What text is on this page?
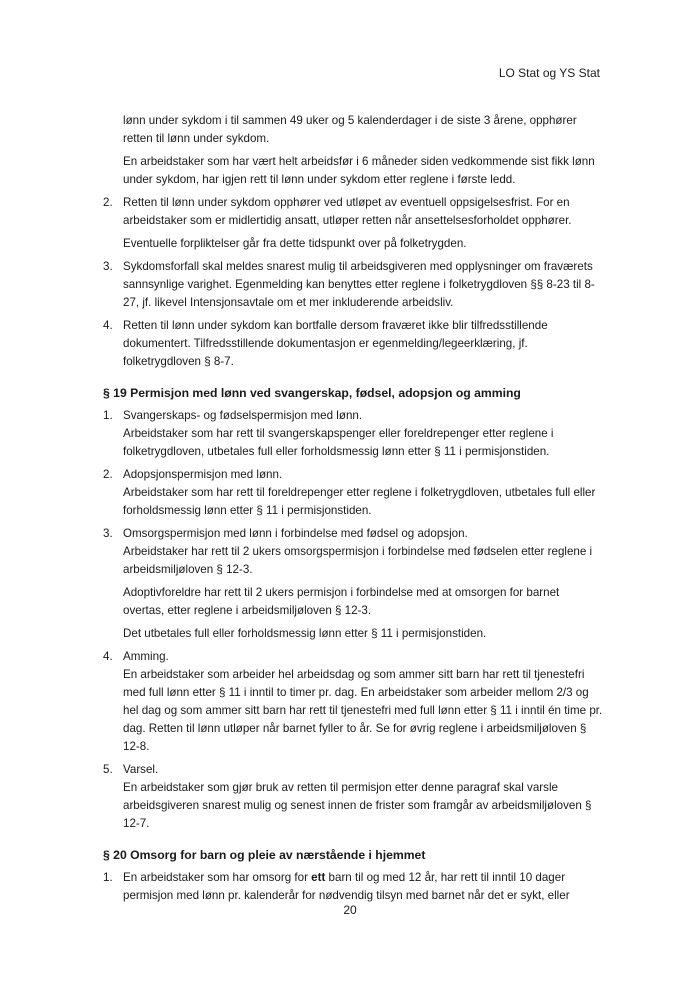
LO Stat og YS Stat

lønn under sykdom i til sammen 49 uker og 5 kalenderdager i de siste 3 årene, opphører retten til lønn under sykdom.

En arbeidstaker som har vært helt arbeidsfør i 6 måneder siden vedkommende sist fikk lønn under sykdom, har igjen rett til lønn under sykdom etter reglene i første ledd.

2. Retten til lønn under sykdom opphører ved utløpet av eventuell oppsigelsesfrist. For en arbeidstaker som er midlertidig ansatt, utløper retten når ansettelsesforholdet opphører.
Eventuelle forpliktelser går fra dette tidspunkt over på folketrygden.
3. Sykdomsforfall skal meldes snarest mulig til arbeidsgiveren med opplysninger om fraværets sannsynlige varighet. Egenmelding kan benyttes etter reglene i folketrygdloven §§ 8-23 til 8-27, jf. likevel Intensjonsavtale om et mer inkluderende arbeidsliv.
4. Retten til lønn under sykdom kan bortfalle dersom fraværet ikke blir tilfredsstillende dokumentert. Tilfredsstillende dokumentasjon er egenmelding/legeerklæring, jf. folketrygdloven § 8-7.
§ 19 Permisjon med lønn ved svangerskap, fødsel, adopsjon og amming
1. Svangerskaps- og fødselspermisjon med lønn.
Arbeidstaker som har rett til svangerskapspenger eller foreldrepenger etter reglene i folketrygdloven, utbetales full eller forholdsmessig lønn etter § 11 i permisjonstiden.
2. Adopsjonspermisjon med lønn.
Arbeidstaker som har rett til foreldrepenger etter reglene i folketrygdloven, utbetales full eller forholdsmessig lønn etter § 11 i permisjonstiden.
3. Omsorgspermisjon med lønn i forbindelse med fødsel og adopsjon.
Arbeidstaker har rett til 2 ukers omsorgspermisjon i forbindelse med fødselen etter reglene i arbeidsmiljøloven § 12-3.
Adoptivforeldre har rett til 2 ukers permisjon i forbindelse med at omsorgen for barnet overtas, etter reglene i arbeidsmiljøloven § 12-3.
Det utbetales full eller forholdsmessig lønn etter § 11 i permisjonstiden.
4. Amming.
En arbeidstaker som arbeider hel arbeidsdag og som ammer sitt barn har rett til tjenestefri med full lønn etter § 11 i inntil to timer pr. dag. En arbeidstaker som arbeider mellom 2/3 og hel dag og som ammer sitt barn har rett til tjenestefri med full lønn etter § 11 i inntil én time pr. dag. Retten til lønn utløper når barnet fyller to år. Se for øvrig reglene i arbeidsmiljøloven § 12-8.
5. Varsel.
En arbeidstaker som gjør bruk av retten til permisjon etter denne paragraf skal varsle arbeidsgiveren snarest mulig og senest innen de frister som framgår av arbeidsmiljøloven § 12-7.
§ 20 Omsorg for barn og pleie av nærstående i hjemmet
1. En arbeidstaker som har omsorg for ett barn til og med 12 år, har rett til inntil 10 dager permisjon med lønn pr. kalenderår for nødvendig tilsyn med barnet når det er sykt, eller
20
